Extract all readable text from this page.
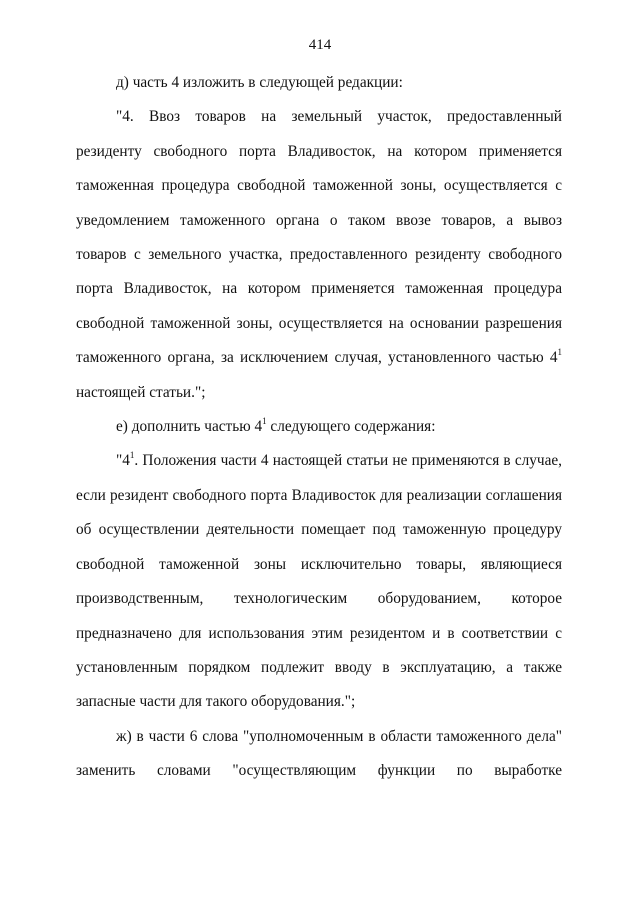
414

д) часть 4 изложить в следующей редакции:

"4. Ввоз товаров на земельный участок, предоставленный резиденту свободного порта Владивосток, на котором применяется таможенная процедура свободной таможенной зоны, осуществляется с уведомлением таможенного органа о таком ввозе товаров, а вывоз товаров с земельного участка, предоставленного резиденту свободного порта Владивосток, на котором применяется таможенная процедура свободной таможенной зоны, осуществляется на основании разрешения таможенного органа, за исключением случая, установленного частью $4^1$ настоящей статьи.";

е) дополнить частью $4^1$ следующего содержания:

"$4^1$. Положения части 4 настоящей статьи не применяются в случае, если резидент свободного порта Владивосток для реализации соглашения об осуществлении деятельности помещает под таможенную процедуру свободной таможенной зоны исключительно товары, являющиеся производственным, технологическим оборудованием, которое предназначено для использования этим резидентом и в соответствии с установленным порядком подлежит вводу в эксплуатацию, а также запасные части для такого оборудования.";

ж) в части 6 слова "уполномоченным в области таможенного дела" заменить словами "осуществляющим функции по выработке
